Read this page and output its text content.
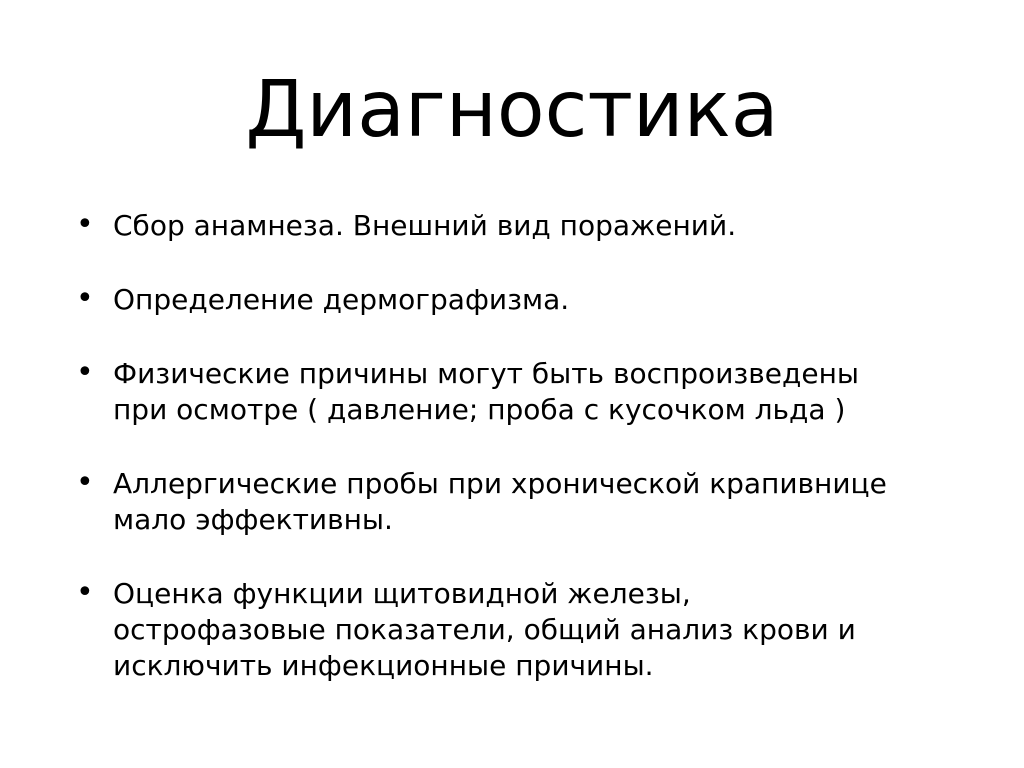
Диагностика
• Сбор анамнеза. Внешний вид поражений.
• Определение дермографизма.
• Физические причины могут быть воспроизведены
при осмотре ( давление; проба с кусочком льда )
• Аллергические пробы при хронической крапивнице
мало эффективны.
• Оценка функции щитовидной железы,
острофазовые показатели, общий анализ крови и
исключить инфекционные причины.
